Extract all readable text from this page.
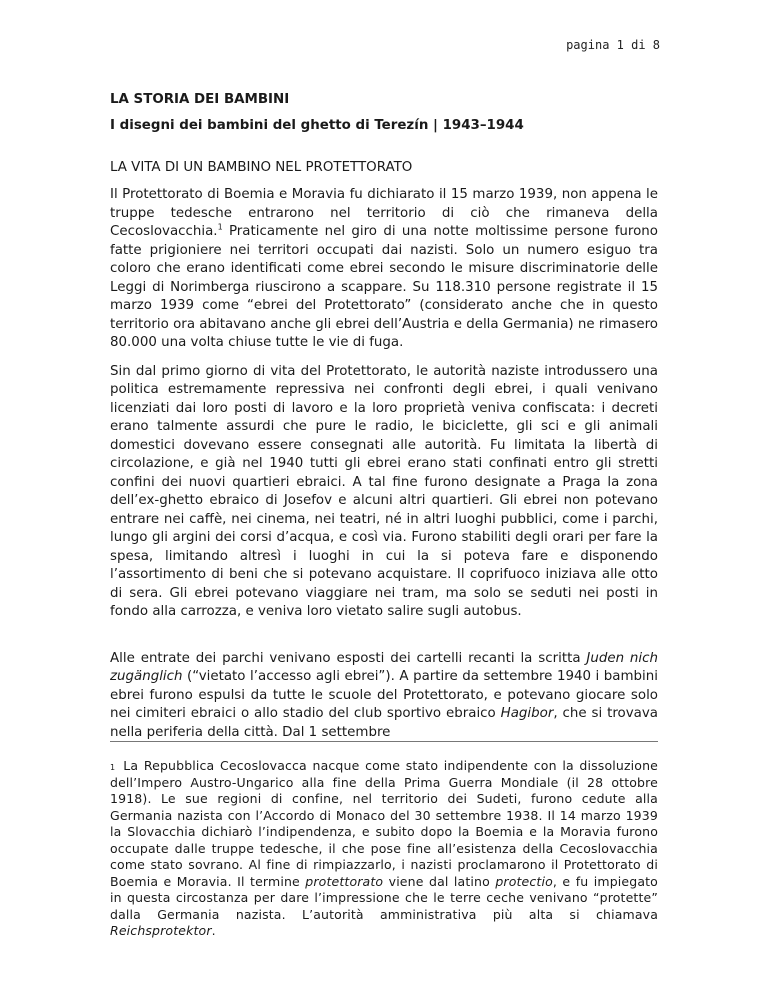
pagina 1 di 8

LA STORIA DEI BAMBINI

I disegni dei bambini del ghetto di Terezín | 1943–1944

LA VITA DI UN BAMBINO NEL PROTETTORATO

Il Protettorato di Boemia e Moravia fu dichiarato il 15 marzo 1939, non appena le truppe tedesche entrarono nel territorio di ciò che rimaneva della Cecoslovacchia.$^1$ Praticamente nel giro di una notte moltissime persone furono fatte prigioniere nei territori occupati dai nazisti. Solo un numero esiguo tra coloro che erano identificati come ebrei secondo le misure discriminatorie delle Leggi di Norimberga riuscirono a scappare. Su 118.310 persone registrate il 15 marzo 1939 come “ebrei del Protettorato” (considerato anche che in questo territorio ora abitavano anche gli ebrei dell’Austria e della Germania) ne rimasero 80.000 una volta chiuse tutte le vie di fuga.

Sin dal primo giorno di vita del Protettorato, le autorità naziste introdussero una politica estremamente repressiva nei confronti degli ebrei, i quali venivano licenziati dai loro posti di lavoro e la loro proprietà veniva confiscata: i decreti erano talmente assurdi che pure le radio, le biciclette, gli sci e gli animali domestici dovevano essere consegnati alle autorità. Fu limitata la libertà di circolazione, e già nel 1940 tutti gli ebrei erano stati confinati entro gli stretti confini dei nuovi quartieri ebraici. A tal fine furono designate a Praga la zona dell’ex-ghetto ebraico di Josefov e alcuni altri quartieri. Gli ebrei non potevano entrare nei caffè, nei cinema, nei teatri, né in altri luoghi pubblici, come i parchi, lungo gli argini dei corsi d’acqua, e così via. Furono stabiliti degli orari per fare la spesa, limitando altresì i luoghi in cui la si poteva fare e disponendo l’assortimento di beni che si potevano acquistare. Il coprifuoco iniziava alle otto di sera. Gli ebrei potevano viaggiare nei tram, ma solo se seduti nei posti in fondo alla carrozza, e veniva loro vietato salire sugli autobus.

Alle entrate dei parchi venivano esposti dei cartelli recanti la scritta Juden nich zugänglich (“vietato l’accesso agli ebrei”). A partire da settembre 1940 i bambini ebrei furono espulsi da tutte le scuole del Protettorato, e potevano giocare solo nei cimiteri ebraici o allo stadio del club sportivo ebraico Hagibor, che si trovava nella periferia della città. Dal 1 settembre

$^1$ La Repubblica Cecoslovacca nacque come stato indipendente con la dissoluzione dell’Impero Austro-Ungarico alla fine della Prima Guerra Mondiale (il 28 ottobre 1918). Le sue regioni di confine, nel territorio dei Sudeti, furono cedute alla Germania nazista con l’Accordo di Monaco del 30 settembre 1938. Il 14 marzo 1939 la Slovacchia dichiarò l’indipendenza, e subito dopo la Boemia e la Moravia furono occupate dalle truppe tedesche, il che pose fine all’esistenza della Cecoslovacchia come stato sovrano. Al fine di rimpiazzarlo, i nazisti proclamarono il Protettorato di Boemia e Moravia. Il termine protettorato viene dal latino protectio, e fu impiegato in questa circostanza per dare l’impressione che le terre ceche venivano “protette” dalla Germania nazista. L’autorità amministrativa più alta si chiamava Reichsprotektor.
